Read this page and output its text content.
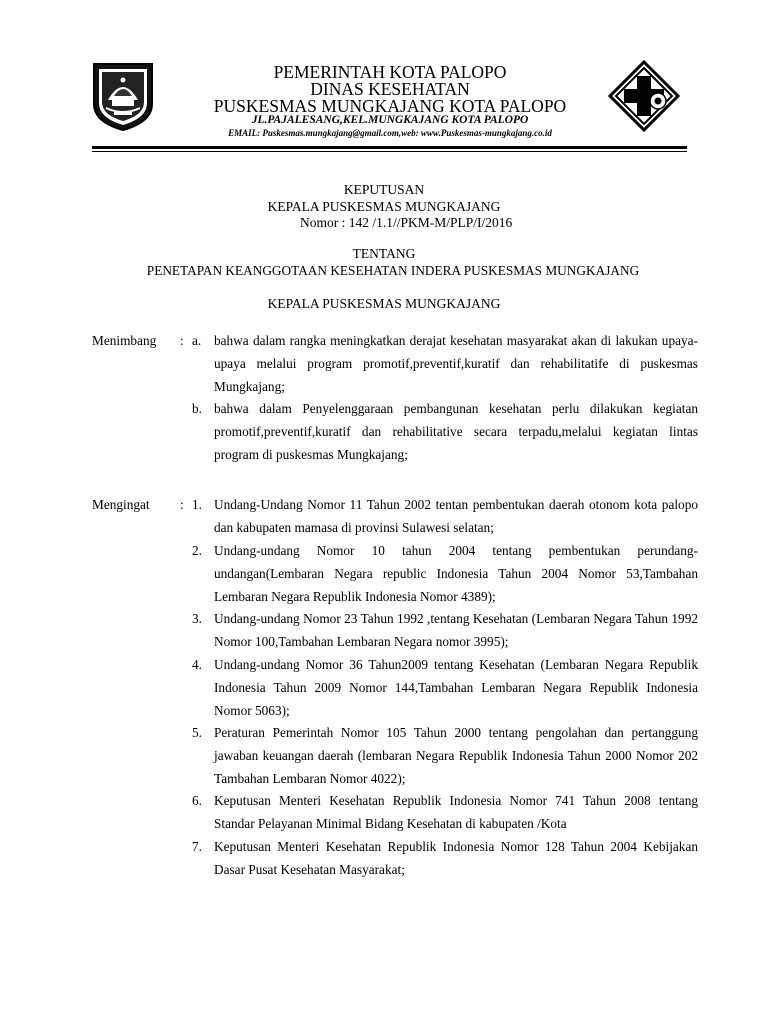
PEMERINTAH KOTA PALOPO
DINAS KESEHATAN
PUSKESMAS MUNGKAJANG KOTA PALOPO
JL.PAJALESANG,KEL.MUNGKAJANG KOTA PALOPO
EMAIL: Puskesmas.mungkajang@gmail.com,web: www.Puskesmas-mungkajang.co.id
KEPUTUSAN
KEPALA PUSKESMAS MUNGKAJANG
Nomor : 142 /1.1//PKM-M/PLP/I/2016
TENTANG
PENETAPAN KEANGGOTAAN KESEHATAN INDERA PUSKESMAS MUNGKAJANG
KEPALA PUSKESMAS MUNGKAJANG
Menimbang : a. bahwa dalam rangka meningkatkan derajat kesehatan masyarakat akan di lakukan upaya-upaya melalui program promotif,preventif,kuratif dan rehabilitatife di puskesmas Mungkajang;
b. bahwa dalam Penyelenggaraan pembangunan kesehatan perlu dilakukan kegiatan promotif,preventif,kuratif dan rehabilitative secara terpadu,melalui kegiatan lintas program di puskesmas Mungkajang;
Mengingat : 1. Undang-Undang Nomor 11 Tahun 2002 tentan pembentukan daerah otonom kota palopo dan kabupaten mamasa di provinsi Sulawesi selatan;
2. Undang-undang Nomor 10 tahun 2004 tentang pembentukan perundang-undangan(Lembaran Negara republic Indonesia Tahun 2004 Nomor 53,Tambahan Lembaran Negara Republik Indonesia Nomor 4389);
3. Undang-undang Nomor 23 Tahun 1992 ,tentang Kesehatan (Lembaran Negara Tahun 1992 Nomor 100,Tambahan Lembaran Negara nomor 3995);
4. Undang-undang Nomor 36 Tahun2009 tentang Kesehatan (Lembaran Negara Republik Indonesia Tahun 2009 Nomor 144,Tambahan Lembaran Negara Republik Indonesia Nomor 5063);
5. Peraturan Pemerintah Nomor 105 Tahun 2000 tentang pengolahan dan pertanggung jawaban keuangan daerah (lembaran Negara Republik Indonesia Tahun 2000 Nomor 202 Tambahan Lembaran Nomor 4022);
6. Keputusan Menteri Kesehatan Republik Indonesia Nomor 741 Tahun 2008 tentang Standar Pelayanan Minimal Bidang Kesehatan di kabupaten /Kota
7. Keputusan Menteri Kesehatan Republik Indonesia Nomor 128 Tahun 2004 Kebijakan Dasar Pusat Kesehatan Masyarakat;
